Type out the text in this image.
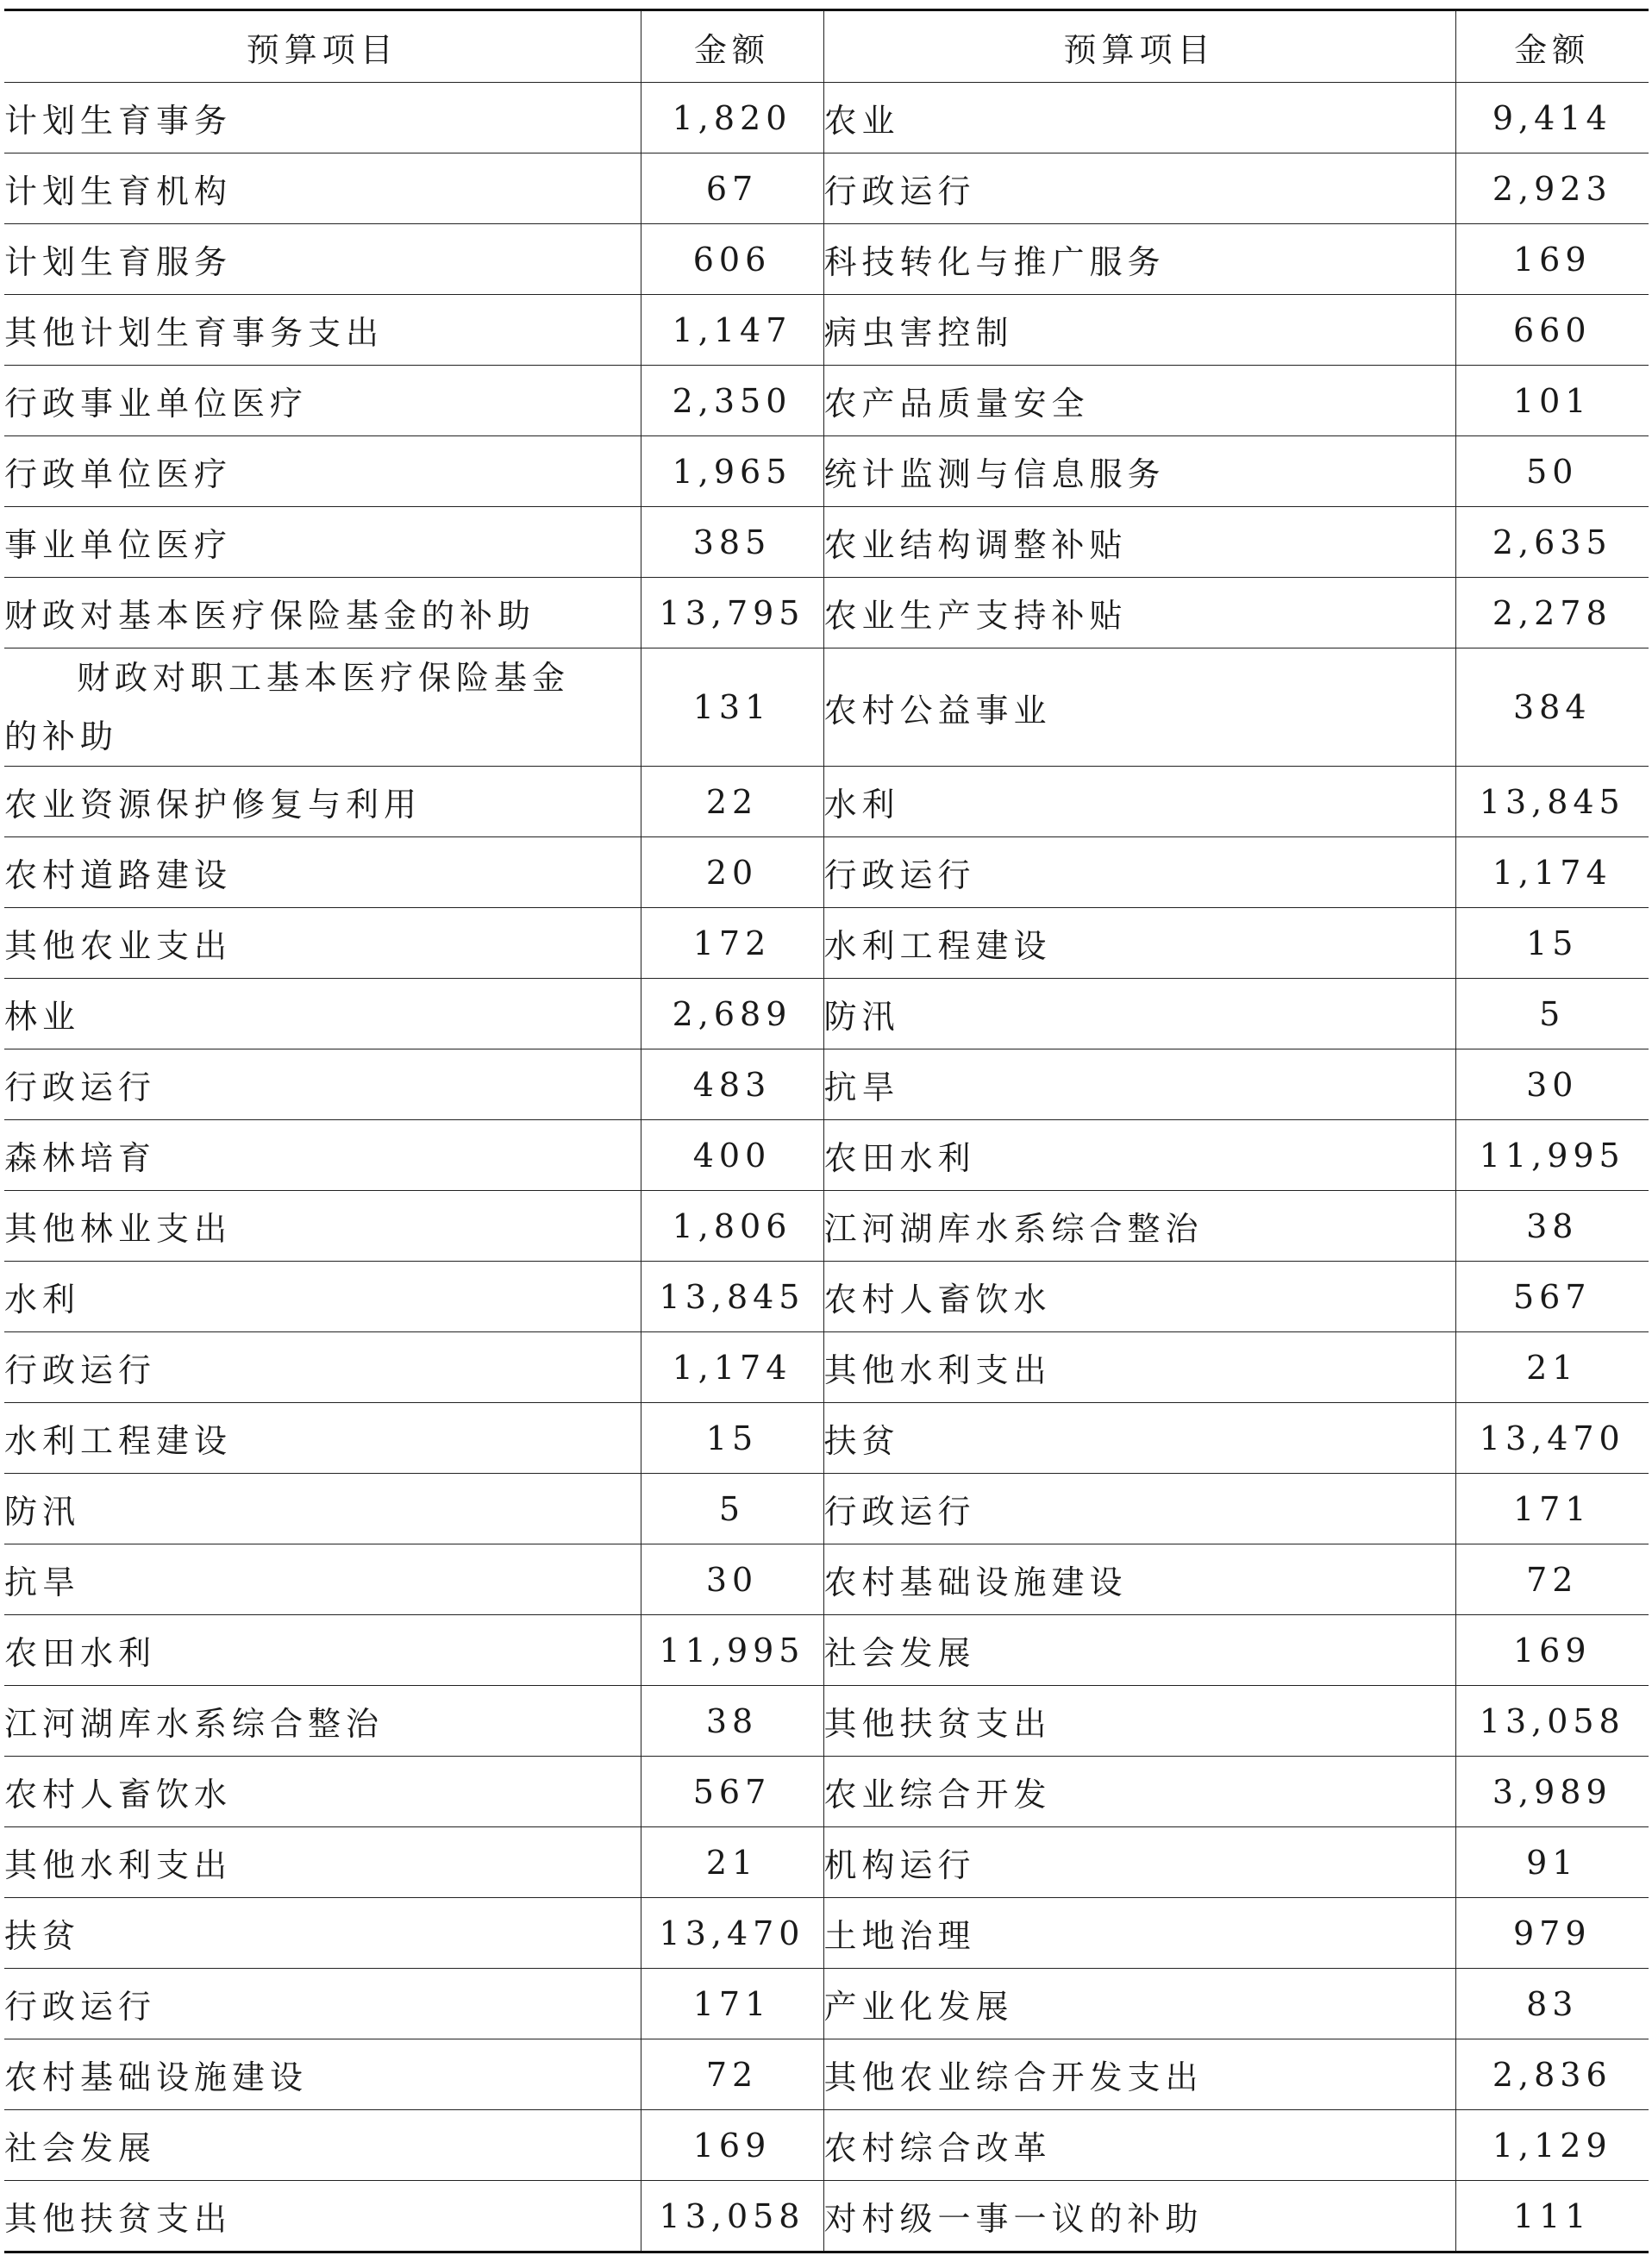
预算项目	金额	预算项目	金额
计划生育事务	1,820	农业	9,414
计划生育机构	67	行政运行	2,923
计划生育服务	606	科技转化与推广服务	169
其他计划生育事务支出	1,147	病虫害控制	660
行政事业单位医疗	2,350	农产品质量安全	101
行政单位医疗	1,965	统计监测与信息服务	50
事业单位医疗	385	农业结构调整补贴	2,635
财政对基本医疗保险基金的补助	13,795	农业生产支持补贴	2,278

财政对职工基本医疗保险基金
的补助	131	农村公益事业	384
农业资源保护修复与利用	22	水利	13,845
农村道路建设	20	行政运行	1,174
其他农业支出	172	水利工程建设	15
林业	2,689	防汛	5
行政运行	483	抗旱	30
森林培育	400	农田水利	11,995
其他林业支出	1,806	江河湖库水系综合整治	38
水利	13,845	农村人畜饮水	567
行政运行	1,174	其他水利支出	21
水利工程建设	15	扶贫	13,470
防汛	5	行政运行	171
抗旱	30	农村基础设施建设	72
农田水利	11,995	社会发展	169
江河湖库水系综合整治	38	其他扶贫支出	13,058
农村人畜饮水	567	农业综合开发	3,989
其他水利支出	21	机构运行	91
扶贫	13,470	土地治理	979
行政运行	171	产业化发展	83
农村基础设施建设	72	其他农业综合开发支出	2,836
社会发展	169	农村综合改革	1,129
其他扶贫支出	13,058	对村级一事一议的补助	111
